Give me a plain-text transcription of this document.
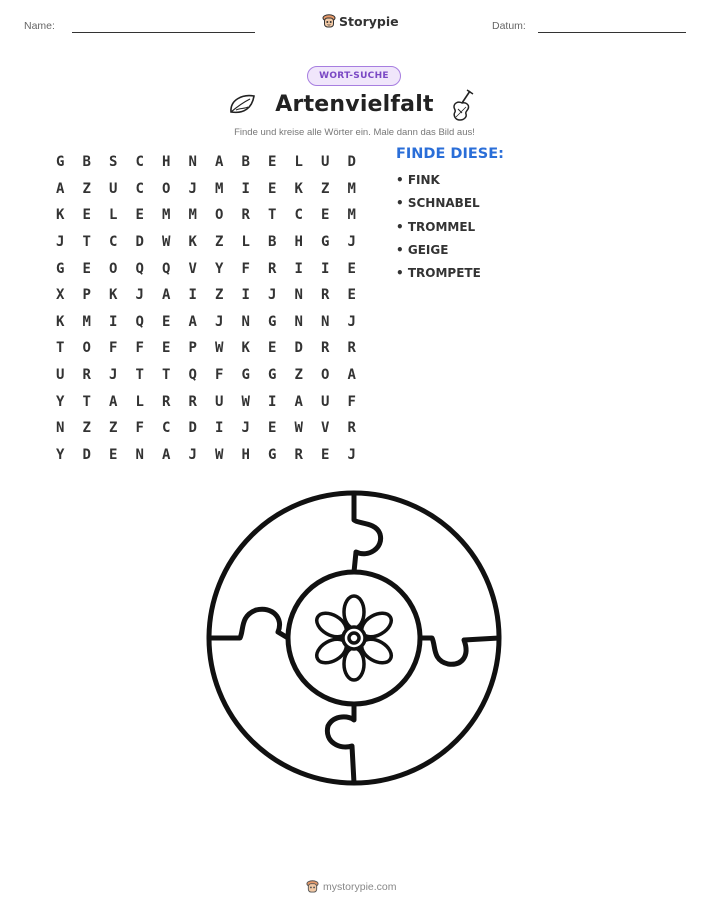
Name:	Storypie	Datum:
WORT-SUCHE
Artenvielfalt
Finde und kreise alle Wörter ein. Male dann das Bild aus!
G	B	S	C	H	N	A	B	E	L	U	D
A	Z	U	C	O	J	M	I	E	K	Z	M
K	E	L	E	M	M	O	R	T	C	E	M
J	T	C	D	W	K	Z	L	B	H	G	J
G	E	O	Q	Q	V	Y	F	R	I	I	E
X	P	K	J	A	I	Z	I	J	N	R	E
K	M	I	Q	E	A	J	N	G	N	N	J
T	O	F	F	E	P	W	K	E	D	R	R
U	R	J	T	T	Q	F	G	G	Z	O	A
Y	T	A	L	R	R	U	W	I	A	U	F
N	Z	Z	F	C	D	I	J	E	W	V	R
Y	D	E	N	A	J	W	H	G	R	E	J
FINDE DIESE:
• FINK
• SCHNABEL
• TROMMEL
• GEIGE
• TROMPETE
mystorypie.com
